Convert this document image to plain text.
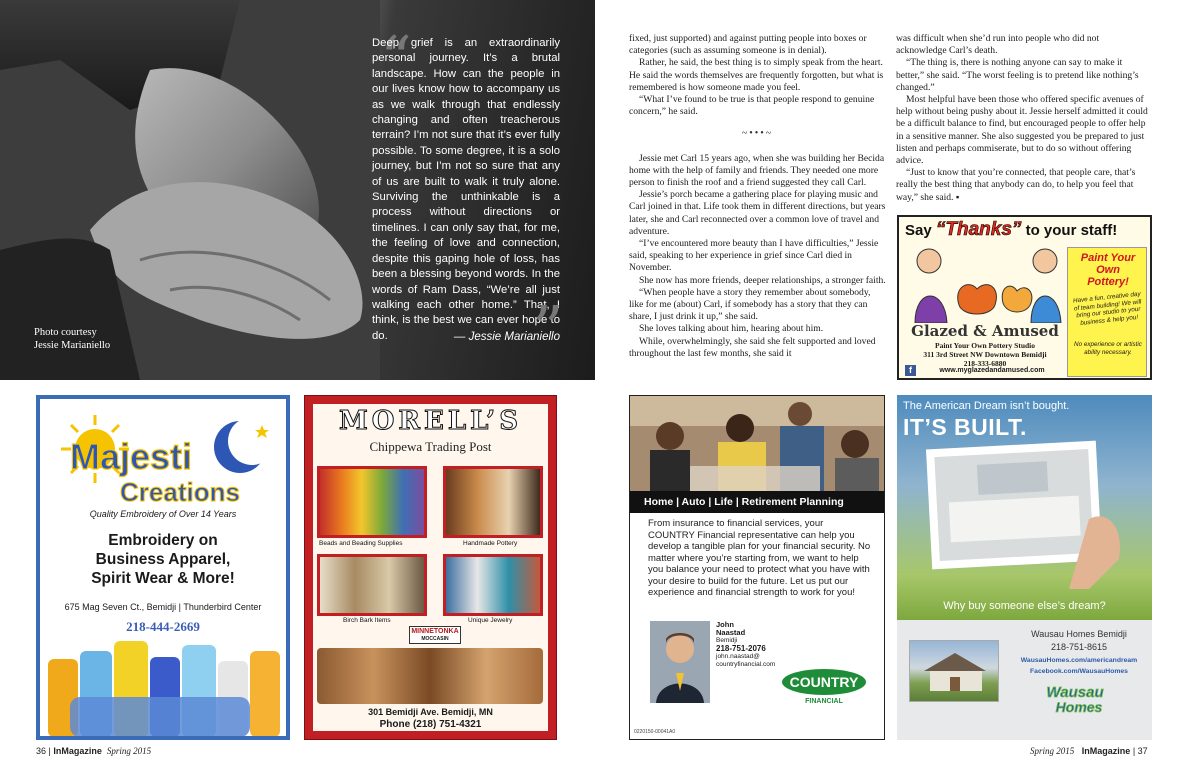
“
Deep grief is an extraordinarily personal journey. It’s a brutal landscape. How can the people in our lives know how to accompany us as we walk through that endlessly changing and often treacherous terrain? I’m not sure that it’s ever fully possible. To some degree, it is a solo journey, but I’m not so sure that any of us are built to walk it truly alone. Surviving the unthinkable is a process without directions or timelines. I can only say that, for me, the feeling of love and connection, despite this gaping hole of loss, has been a blessing beyond words. In the words of Ram Dass, “We’re all just walking each other home.” That, I think, is the best we can ever hope to do.	”
— Jessie Marianiello
Photo courtesy
Jessie Marianiello

fixed, just supported) and against putting people into boxes or categories (such as assuming someone is in denial).

Rather, he said, the best thing is to simply speak from the heart. He said the words themselves are frequently forgotten, but what is remembered is how someone made you feel.

“What I’ve found to be true is that people respond to genuine concern,” he said.

~•••~

Jessie met Carl 15 years ago, when she was building her Becida home with the help of family and friends. They needed one more person to finish the roof and a friend suggested they call Carl.

Jessie’s porch became a gathering place for playing music and Carl joined in that. Life took them in different directions, but years later, she and Carl reconnected over a common love of travel and adventure.

“I’ve encountered more beauty than I have difficulties,” Jessie said, speaking to her experience in grief since Carl died in November.

She now has more friends, deeper relationships, a stronger faith.

“When people have a story they remember about somebody, like for me (about) Carl, if somebody has a story that they can share, I just drink it up,” she said.

She loves talking about him, hearing about him.

While, overwhelmingly, she said she felt supported and loved throughout the last few months, she said it

was difficult when she’d run into people who did not acknowledge Carl’s death.

“The thing is, there is nothing anyone can say to make it better,” she said. “The worst feeling is to pretend like nothing’s changed.”

Most helpful have been those who offered specific avenues of help without being pushy about it. Jessie herself admitted it could be a difficult balance to find, but encouraged people to offer help in a sensitive manner. She also suggested you be prepared to just listen and perhaps commiserate, but to do so without offering advice.

“Just to know that you’re connected, that people care, that’s really the best thing that anybody can do, to help you feel that way,” she said. ▪

Majesti
Creations
Quality Embroidery of Over 14 Years
Embroidery on
Business Apparel,
Spirit Wear & More!
675 Mag Seven Ct., Bemidji | Thunderbird Center
218-444-2669
MORELL’S
Chippewa Trading Post
Beads and Beading Supplies	Handmade Pottery
Birch Bark Items	Unique Jewelry
MINNETONKA
MOCCASIN
301 Bemidji Ave. Bemidji, MN
Phone (218) 751-4321
Home | Auto | Life | Retirement Planning
From insurance to financial services, your COUNTRY Financial representative can help you develop a tangible plan for your financial security. No matter where you’re starting from, we want to help you balance your need to protect what you have with your desire to build for the future. Let us put our experience and financial strength to work for you!
John
Naastad
Bemidji
218-751-2076
john.naastad@
countryfinancial.com
COUNTRY
FINANCIAL
0220150-00041A0
Say “Thanks” to your staff!
Paint Your
Own
Pottery!
Have a fun, creative day of team building! We will bring our studio to your business & help you!
No experience or artistic ability necessary.
Glazed & Amused
Paint Your Own Pottery Studio
311 3rd Street NW Downtown Bemidji
218-333-6880
f	www.myglazedandamused.com
The American Dream isn’t bought.
IT’S BUILT.
Why buy someone else’s dream?
Wausau Homes Bemidji
218-751-8615
WausauHomes.com/americandream
Facebook.com/WausauHomes
Wausau
Homes
36 | InMagazine Spring 2015	Spring 2015 InMagazine | 37
